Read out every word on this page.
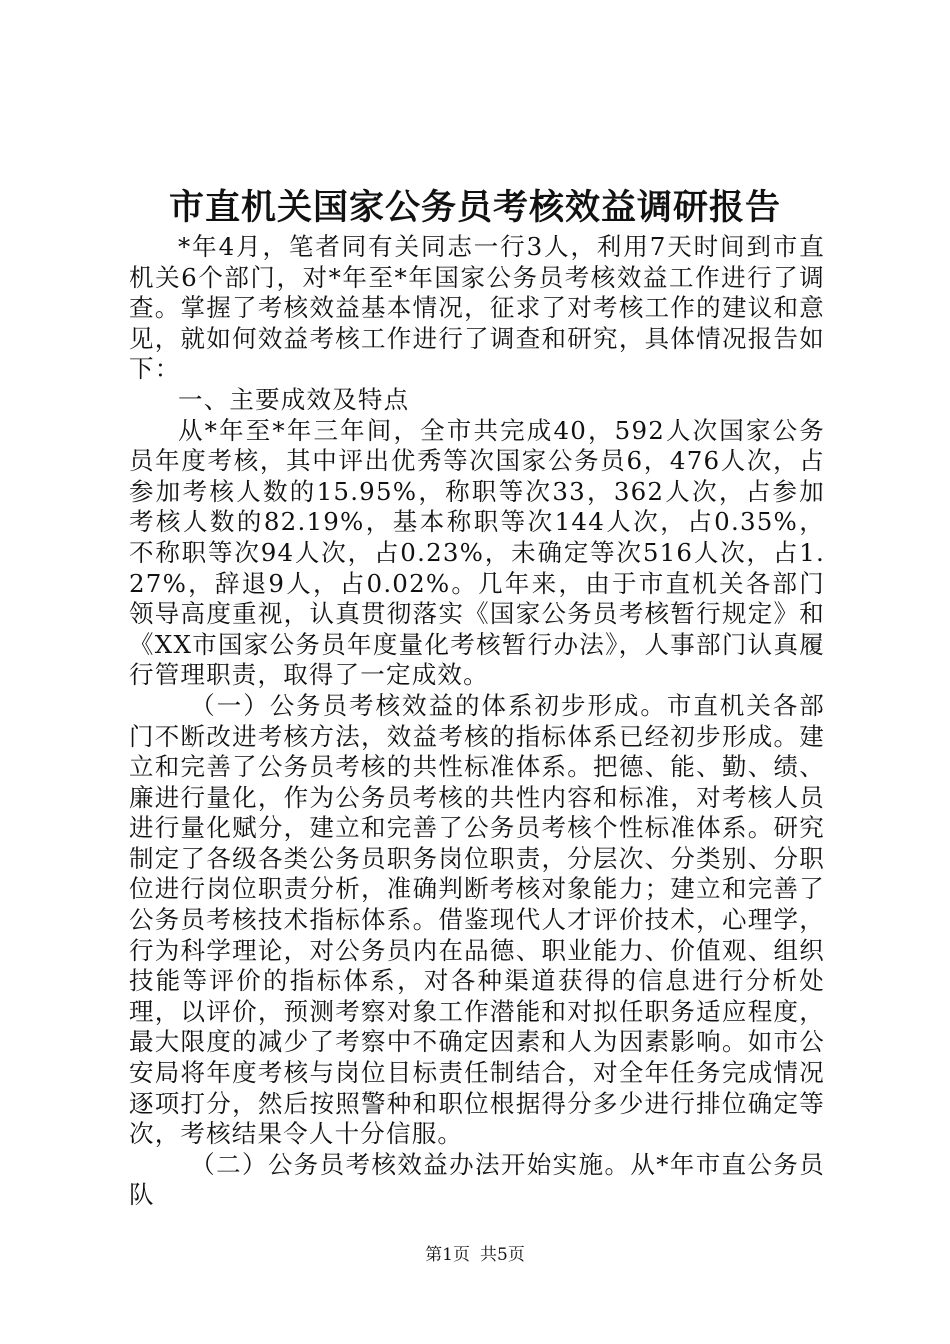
市直机关国家公务员考核效益调研报告

*年4月，笔者同有关同志一行3人，利用7天时间到市直机关6个部门，对*年至*年国家公务员考核效益工作进行了调查。掌握了考核效益基本情况，征求了对考核工作的建议和意见，就如何效益考核工作进行了调查和研究，具体情况报告如下：

一、主要成效及特点

从*年至*年三年间，全市共完成40，592人次国家公务员年度考核，其中评出优秀等次国家公务员6，476人次，占参加考核人数的15.95%，称职等次33，362人次，占参加考核人数的82.19%，基本称职等次144人次，占0.35%，不称职等次94人次，占0.23%，未确定等次516人次，占1.27%，辞退9人，占0.02%。几年来，由于市直机关各部门领导高度重视，认真贯彻落实《国家公务员考核暂行规定》和《XX市国家公务员年度量化考核暂行办法》，人事部门认真履行管理职责，取得了一定成效。

（一）公务员考核效益的体系初步形成。市直机关各部门不断改进考核方法，效益考核的指标体系已经初步形成。建立和完善了公务员考核的共性标准体系。把德、能、勤、绩、廉进行量化，作为公务员考核的共性内容和标准，对考核人员进行量化赋分，建立和完善了公务员考核个性标准体系。研究制定了各级各类公务员职务岗位职责，分层次、分类别、分职位进行岗位职责分析，准确判断考核对象能力；建立和完善了公务员考核技术指标体系。借鉴现代人才评价技术，心理学，行为科学理论，对公务员内在品德、职业能力、价值观、组织技能等评价的指标体系，对各种渠道获得的信息进行分析处理，以评价，预测考察对象工作潜能和对拟任职务适应程度，最大限度的减少了考察中不确定因素和人为因素影响。如市公安局将年度考核与岗位目标责任制结合，对全年任务完成情况逐项打分，然后按照警种和职位根据得分多少进行排位确定等次，考核结果令人十分信服。

（二）公务员考核效益办法开始实施。从*年市直公务员队

第1页 共5页
